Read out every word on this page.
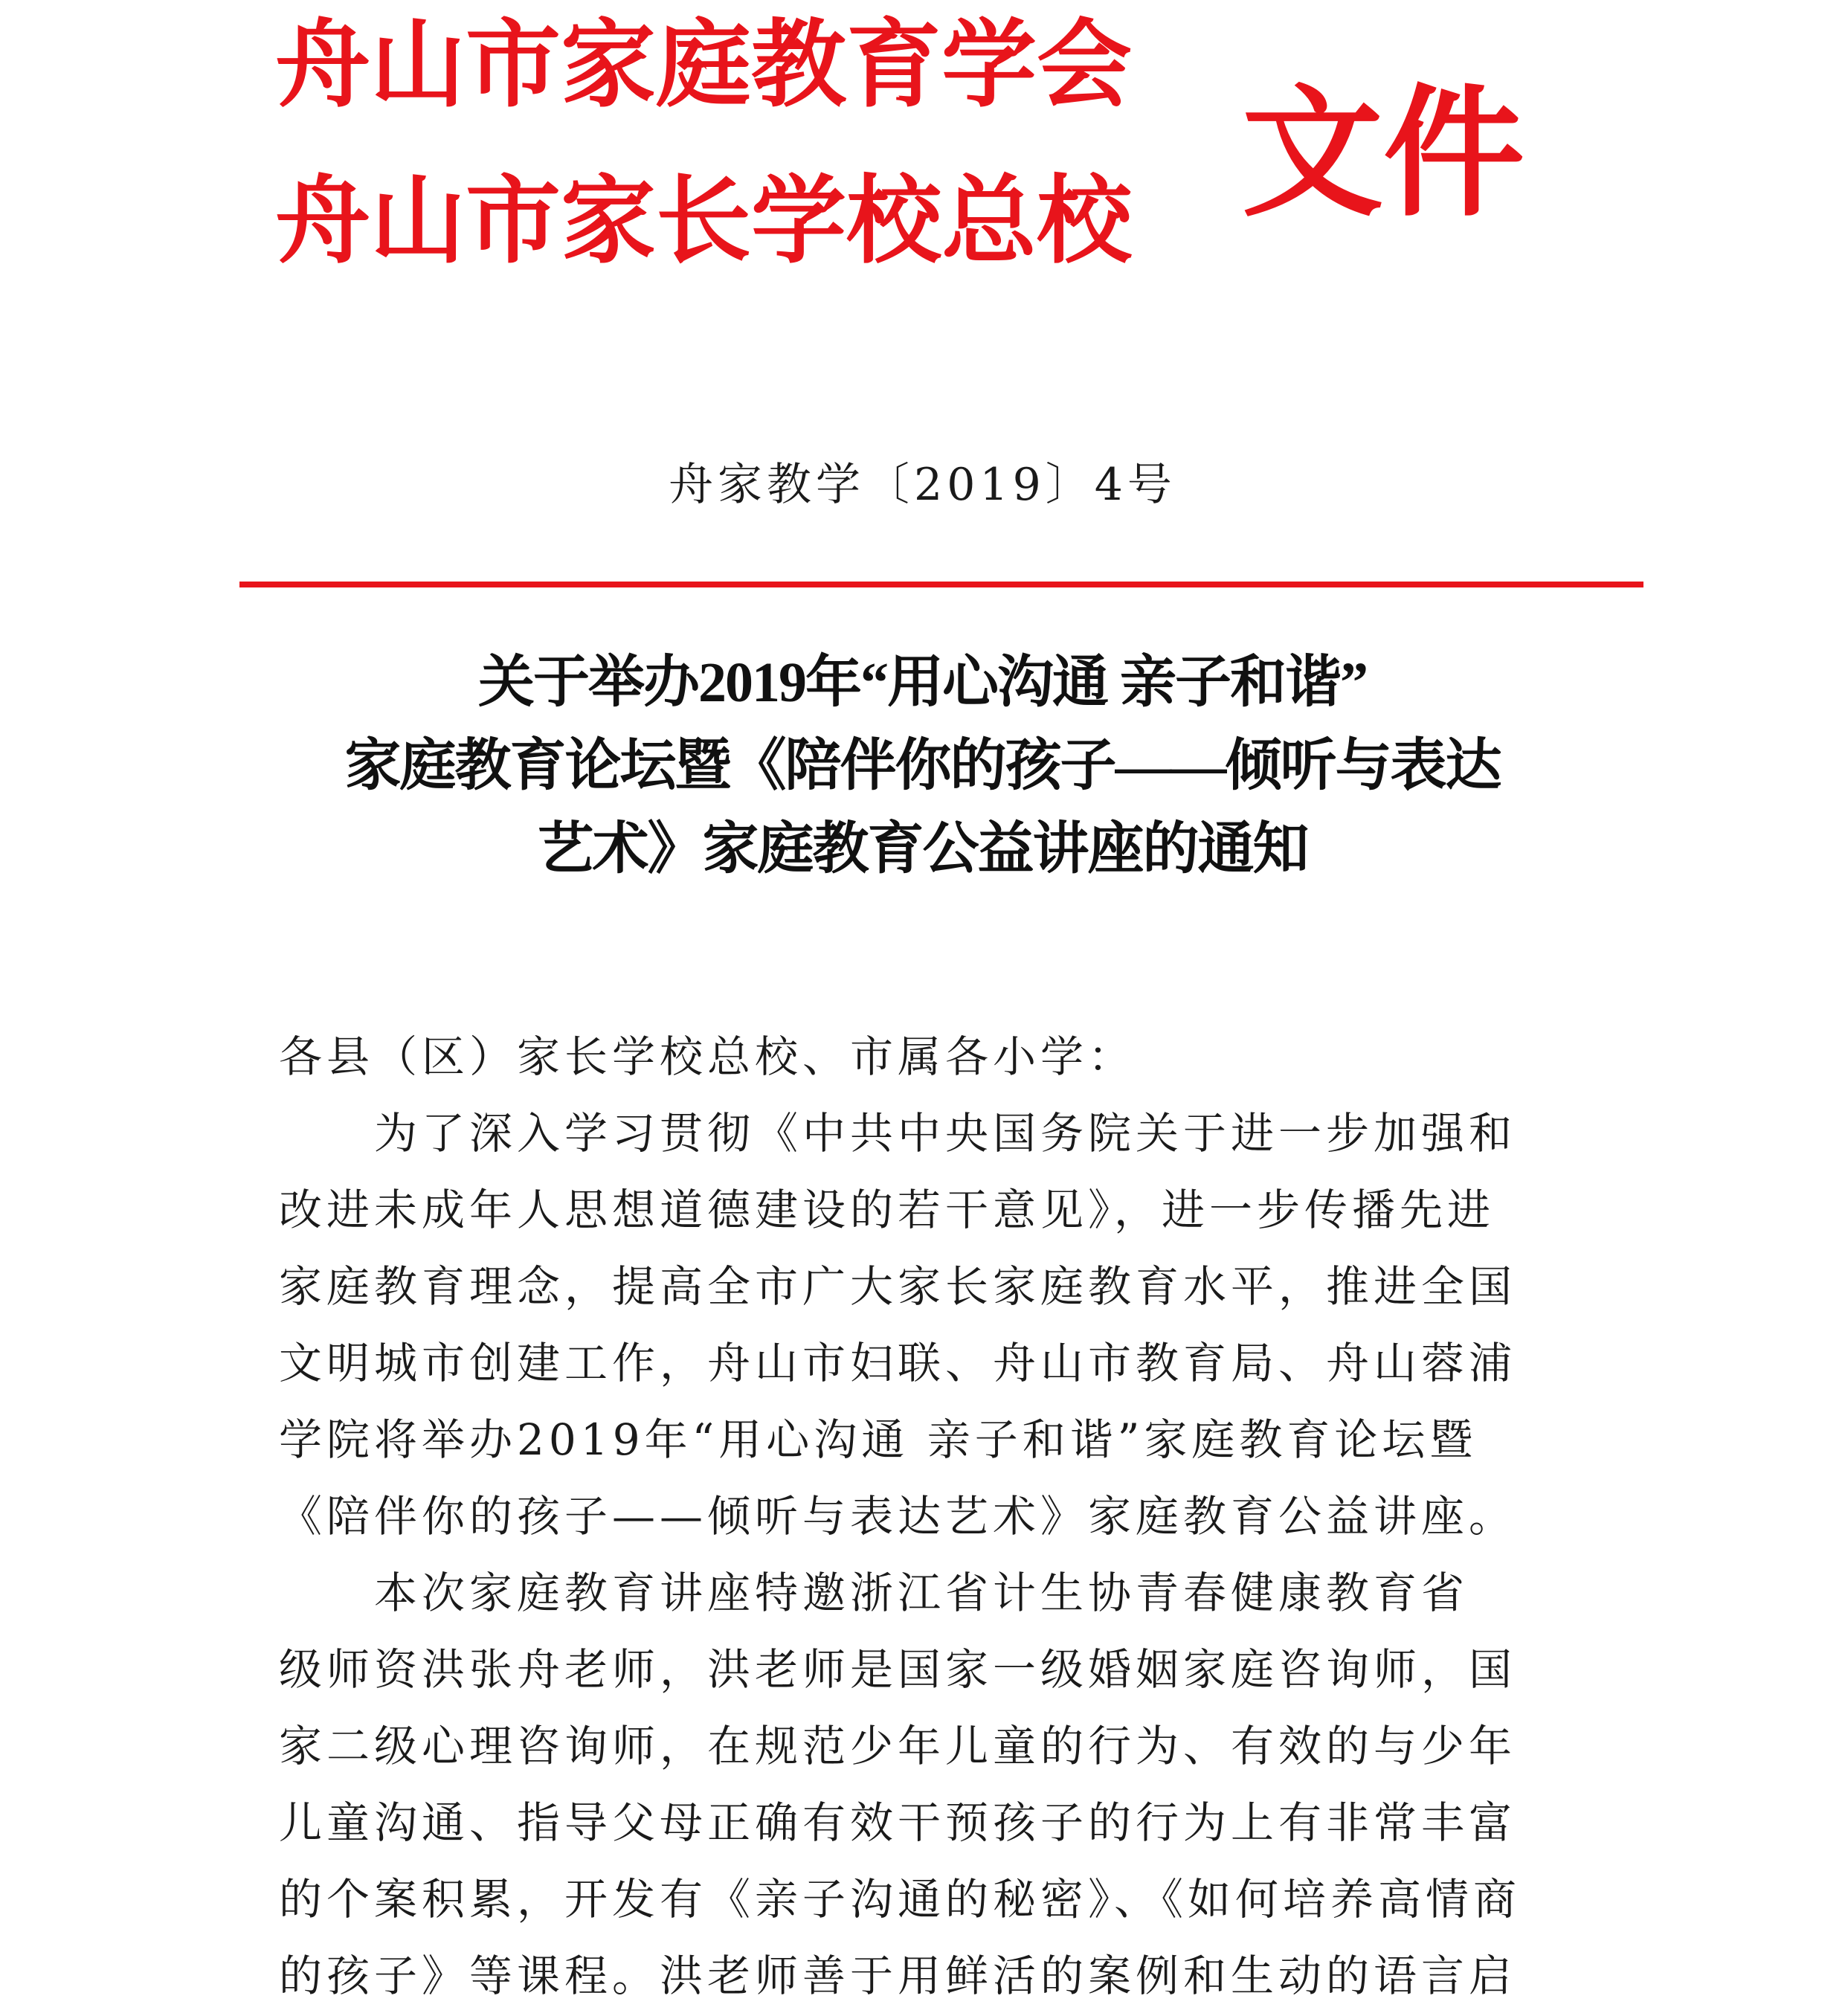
舟山市家庭教育学会
舟山市家长学校总校 文件
舟家教学〔2019〕4号
关于举办2019年“用心沟通 亲子和谐”
家庭教育论坛暨《陪伴你的孩子——倾听与表达
艺术》家庭教育公益讲座的通知
各县（区）家长学校总校、市属各小学：
　　为了深入学习贯彻《中共中央国务院关于进一步加强和
改进未成年人思想道德建设的若干意见》，进一步传播先进
家庭教育理念，提高全市广大家长家庭教育水平，推进全国
文明城市创建工作，舟山市妇联、舟山市教育局、舟山蓉浦
学院将举办2019年“用心沟通 亲子和谐”家庭教育论坛暨
《陪伴你的孩子——倾听与表达艺术》家庭教育公益讲座。
　　本次家庭教育讲座特邀浙江省计生协青春健康教育省
级师资洪张舟老师，洪老师是国家一级婚姻家庭咨询师，国
家二级心理咨询师，在规范少年儿童的行为、有效的与少年
儿童沟通、指导父母正确有效干预孩子的行为上有非常丰富
的个案积累，开发有《亲子沟通的秘密》、《如何培养高情商
的孩子》等课程。洪老师善于用鲜活的案例和生动的语言启
